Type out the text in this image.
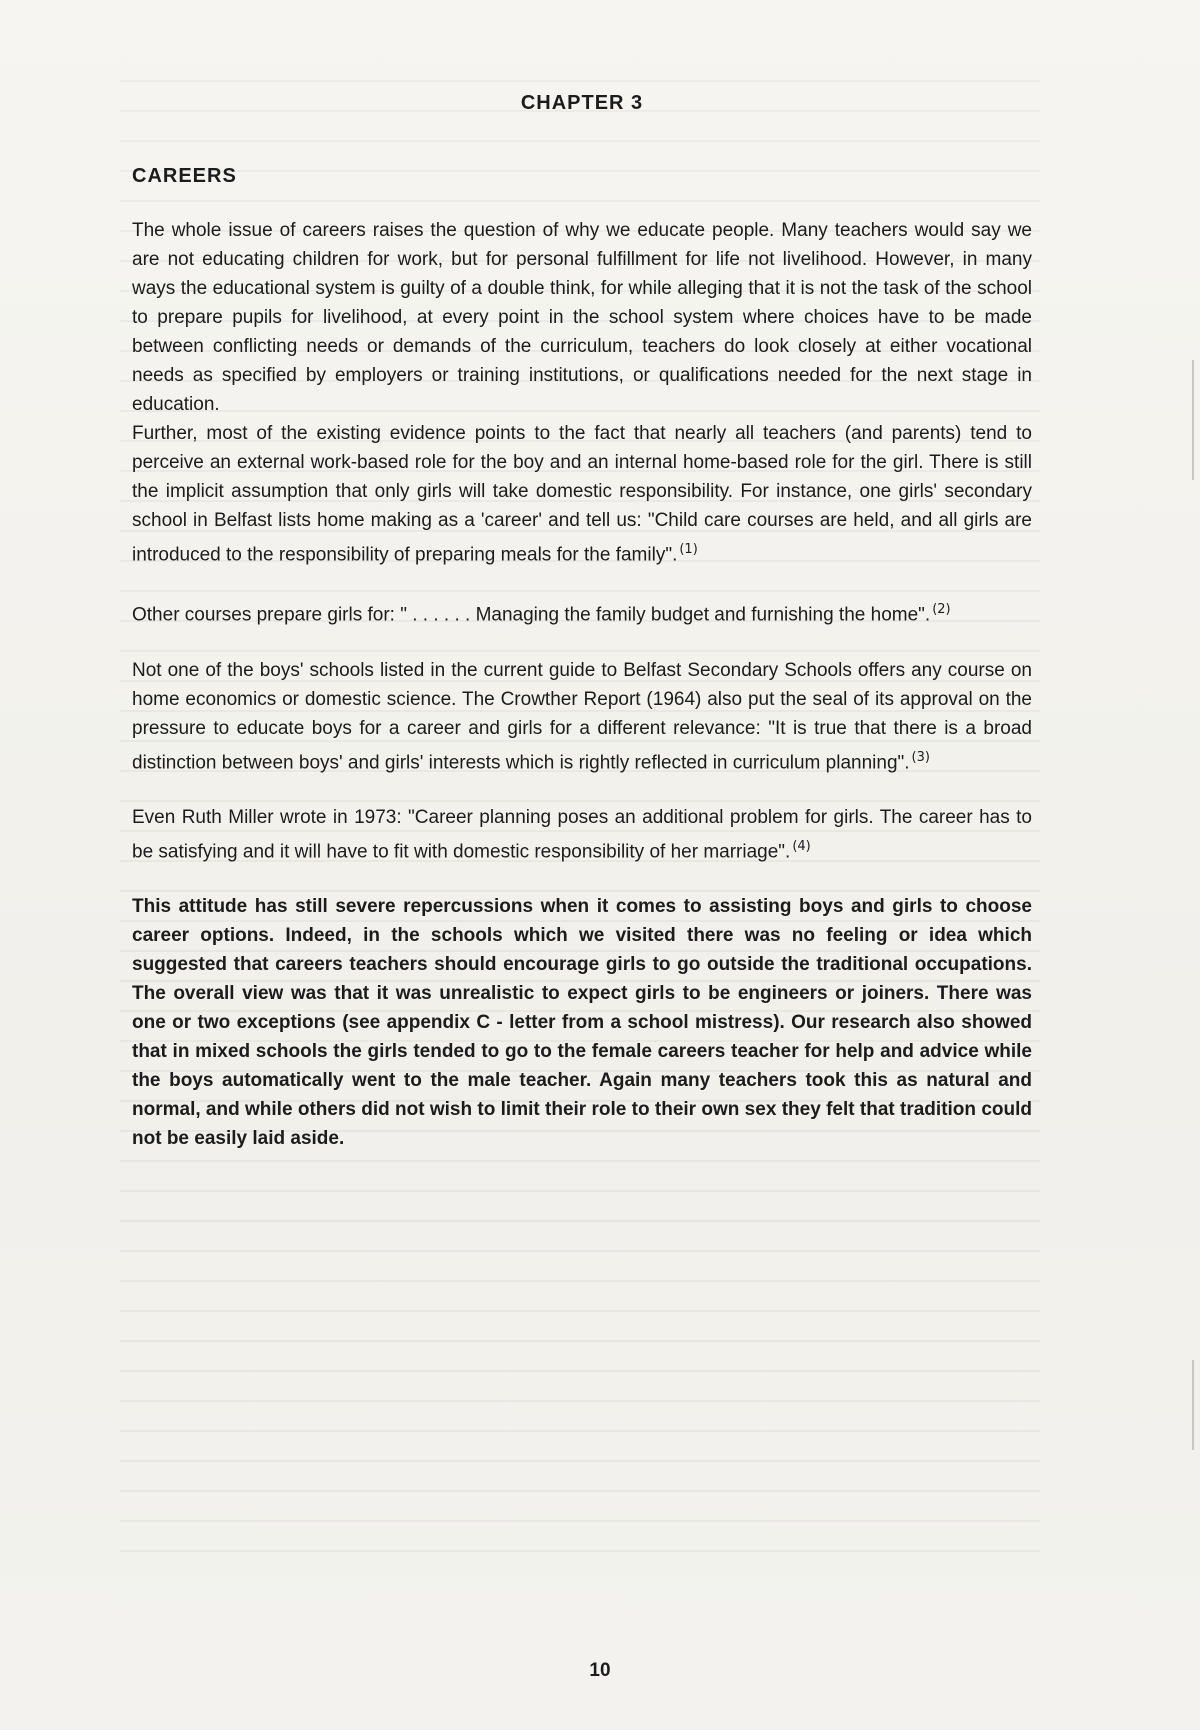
CHAPTER 3
CAREERS

The whole issue of careers raises the question of why we educate people. Many teachers would say we are not educating children for work, but for personal fulfillment for life not livelihood. However, in many ways the educational system is guilty of a double think, for while alleging that it is not the task of the school to prepare pupils for livelihood, at every point in the school system where choices have to be made between conflicting needs or demands of the curriculum, teachers do look closely at either vocational needs as specified by employers or training institutions, or qualifications needed for the next stage in education.

Further, most of the existing evidence points to the fact that nearly all teachers (and parents) tend to perceive an external work-based role for the boy and an internal home-based role for the girl. There is still the implicit assumption that only girls will take domestic responsibility. For instance, one girls' secondary school in Belfast lists home making as a 'career' and tell us: "Child care courses are held, and all girls are introduced to the responsibility of preparing meals for the family". $^{(1)}$

Other courses prepare girls for: " . . . . . . Managing the family budget and furnishing the home". $^{(2)}$

Not one of the boys' schools listed in the current guide to Belfast Secondary Schools offers any course on home economics or domestic science. The Crowther Report (1964) also put the seal of its approval on the pressure to educate boys for a career and girls for a different relevance: "It is true that there is a broad distinction between boys' and girls' interests which is rightly reflected in curriculum planning". $^{(3)}$

Even Ruth Miller wrote in 1973: "Career planning poses an additional problem for girls. The career has to be satisfying and it will have to fit with domestic responsibility of her marriage". $^{(4)}$

This attitude has still severe repercussions when it comes to assisting boys and girls to choose career options. Indeed, in the schools which we visited there was no feeling or idea which suggested that careers teachers should encourage girls to go outside the traditional occupations. The overall view was that it was unrealistic to expect girls to be engineers or joiners. There was one or two exceptions (see appendix C - letter from a school mistress). Our research also showed that in mixed schools the girls tended to go to the female careers teacher for help and advice while the boys automatically went to the male teacher. Again many teachers took this as natural and normal, and while others did not wish to limit their role to their own sex they felt that tradition could not be easily laid aside.

10
